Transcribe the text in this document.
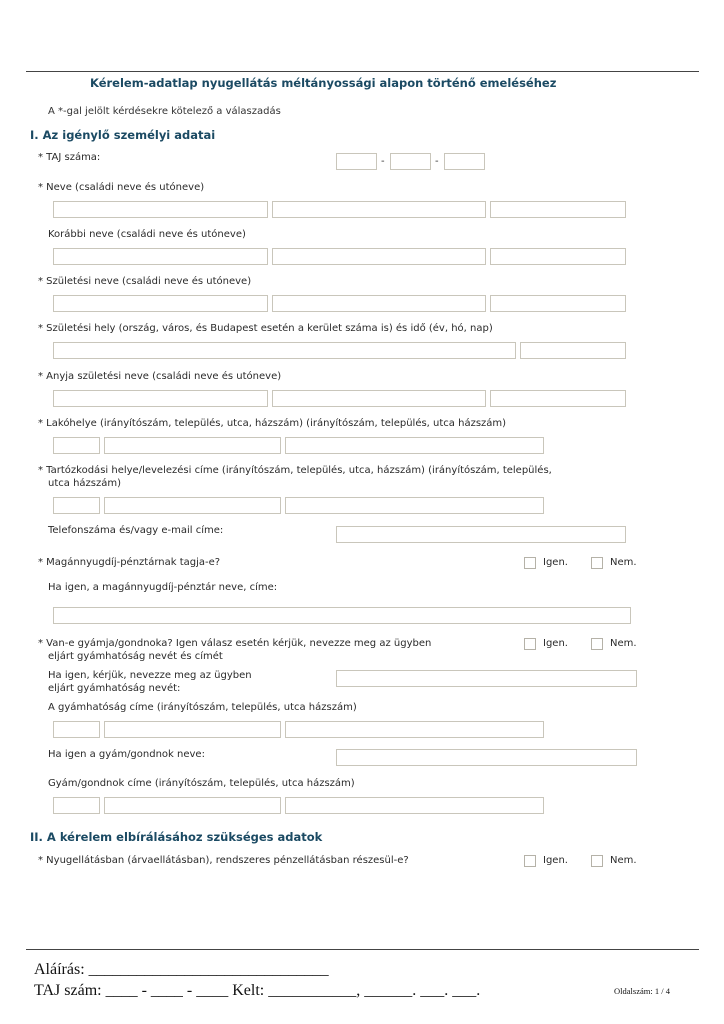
Kérelem-adatlap nyugellátás méltányossági alapon történő emeléséhez
A *-gal jelölt kérdésekre kötelező a válaszadás
I. Az igénylő személyi adatai
* TAJ száma:	-	-
* Neve (családi neve és utóneve)
Korábbi neve (családi neve és utóneve)
* Születési neve (családi neve és utóneve)
* Születési hely (ország, város, és Budapest esetén a kerület száma is) és idő (év, hó, nap)
* Anyja születési neve (családi neve és utóneve)
* Lakóhelye (irányítószám, település, utca, házszám) (irányítószám, település, utca házszám)
* Tartózkodási helye/levelezési címe (irányítószám, település, utca, házszám) (irányítószám, település,
utca házszám)
Telefonszáma és/vagy e-mail címe:
* Magánnyugdíj-pénztárnak tagja-e?	Igen.	Nem.
Ha igen, a magánnyugdíj-pénztár neve, címe:
* Van-e gyámja/gondnoka? Igen válasz esetén kérjük, nevezze meg az ügyben
eljárt gyámhatóság nevét és címét
Igen.	Nem.
Ha igen, kérjük, nevezze meg az ügyben
eljárt gyámhatóság nevét:
A gyámhatóság címe (irányítószám, település, utca házszám)
Ha igen a gyám/gondnok neve:
Gyám/gondnok címe (irányítószám, település, utca házszám)
II. A kérelem elbírálásához szükséges adatok
* Nyugellátásban (árvaellátásban), rendszeres pénzellátásban részesül-e?	Igen.	Nem.
Aláírás: ______________________________
TAJ szám: ____ - ____ - ____ Kelt: ___________, ______. ___. ___.	Oldalszám: 1 / 4
